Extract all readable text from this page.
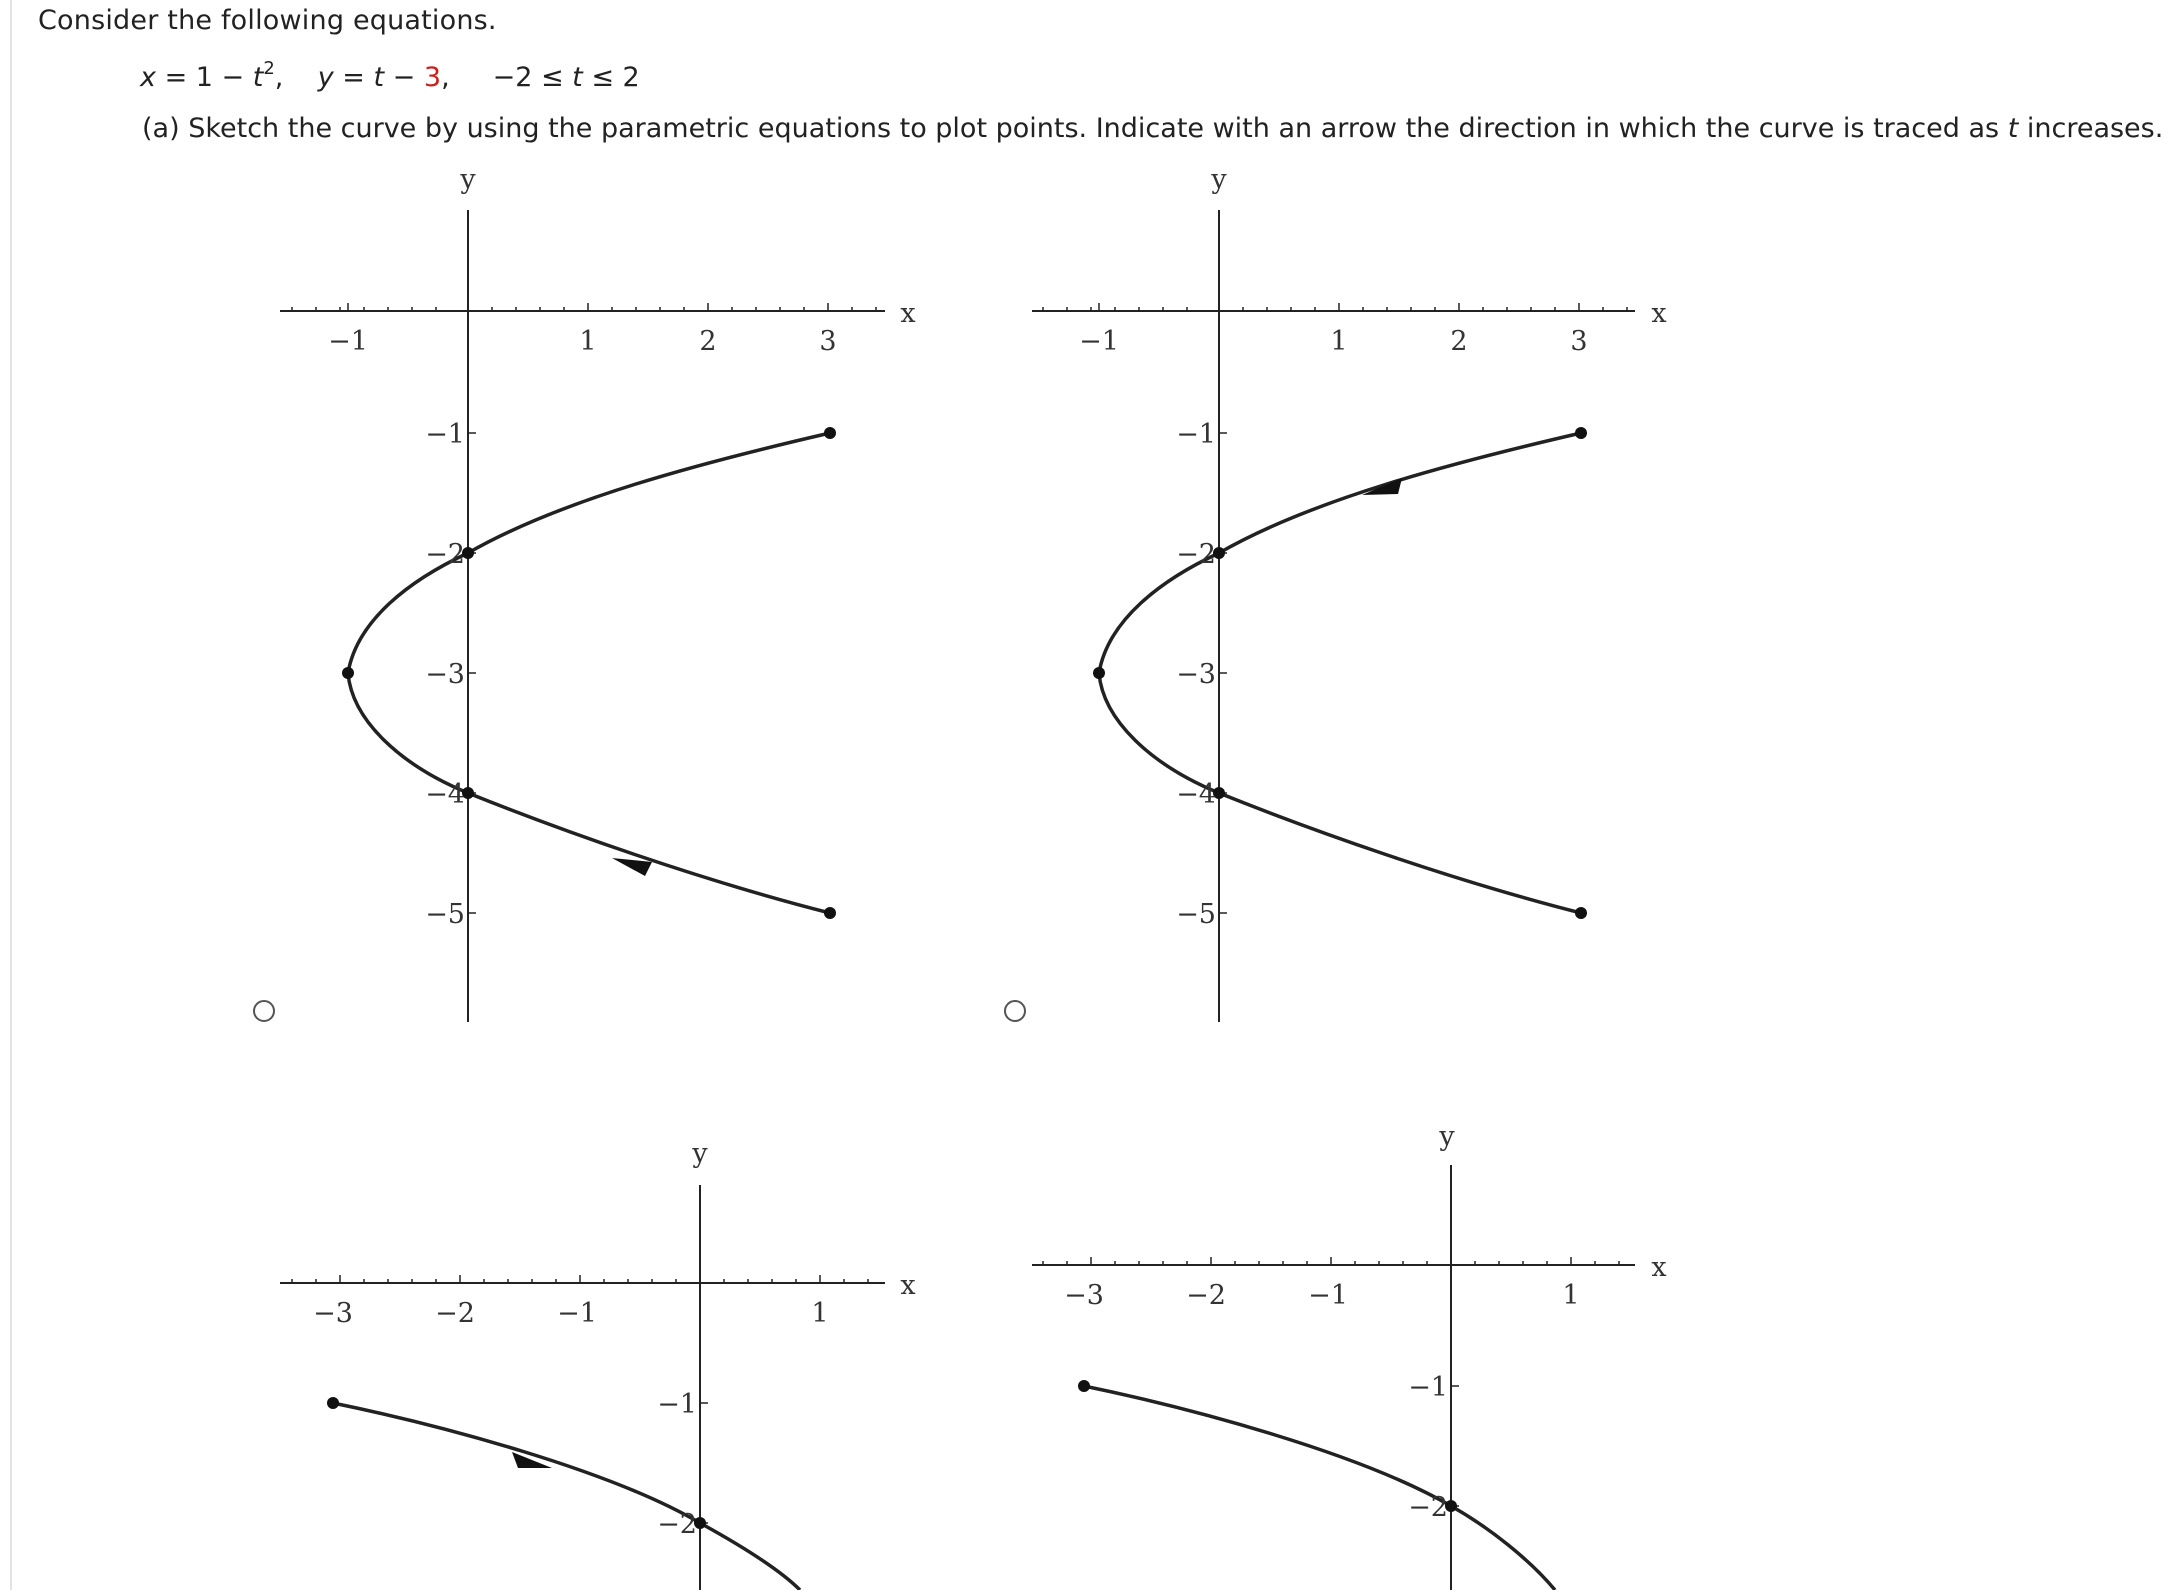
Consider the following equations.
$x = 1 - t^2$,    y = t − 3,     −2 ≤ t ≤ 2
(a) Sketch the curve by using the parametric equations to plot points. Indicate with an arrow the direction in which the curve is traced as t increases.
y
x
−1	1	2	3
−1
−2
−3
−4
−5
y
x
−1	1	2	3
−1
−2
−3
−4
−5
y
x
−3	−2	−1	1
−1
−2
y
x
−3	−2	−1	1
−1
−2
